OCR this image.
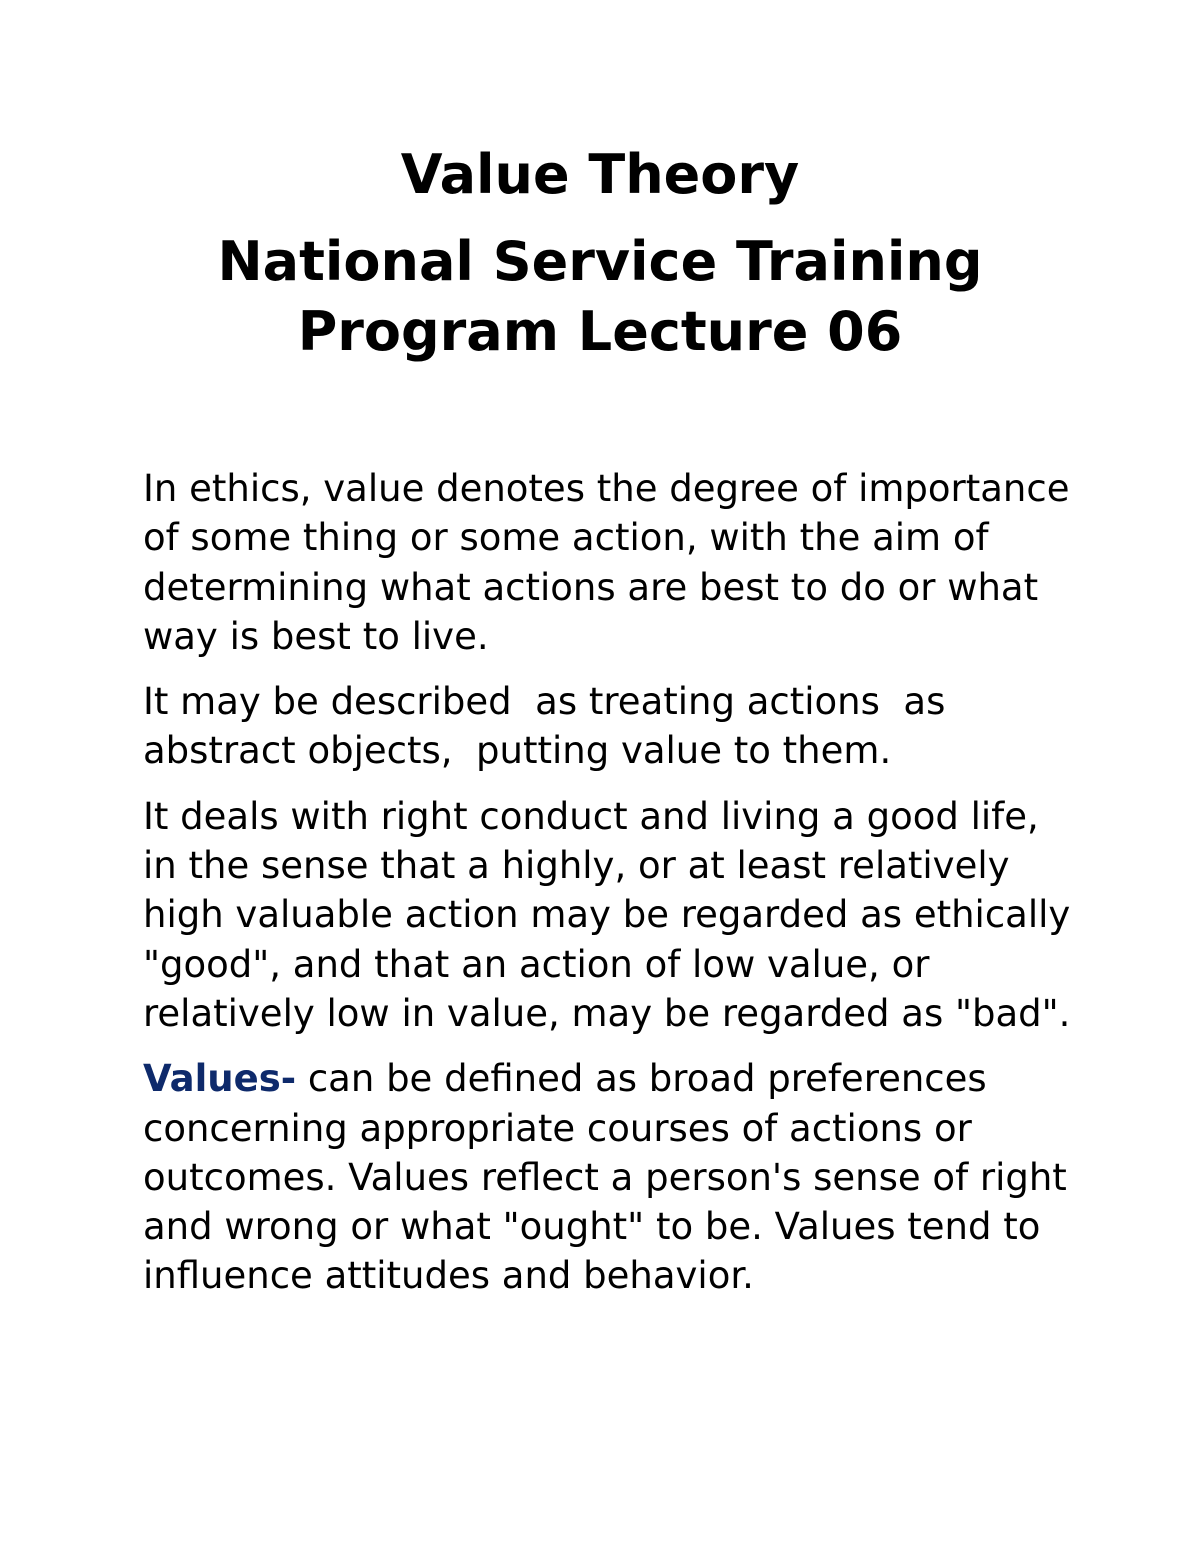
Value Theory
National Service Training
Program Lecture 06

In ethics, value denotes the degree of importance of some thing or some action, with the aim of determining what actions are best to do or what way is best to live.

It may be described  as treating actions  as abstract objects,  putting value to them.

It deals with right conduct and living a good life, in the sense that a highly, or at least relatively high valuable action may be regarded as ethically "good", and that an action of low value, or relatively low in value, may be regarded as "bad".

Values- can be defined as broad preferences concerning appropriate courses of actions or outcomes. Values reflect a person's sense of right and wrong or what "ought" to be. Values tend to influence attitudes and behavior.
